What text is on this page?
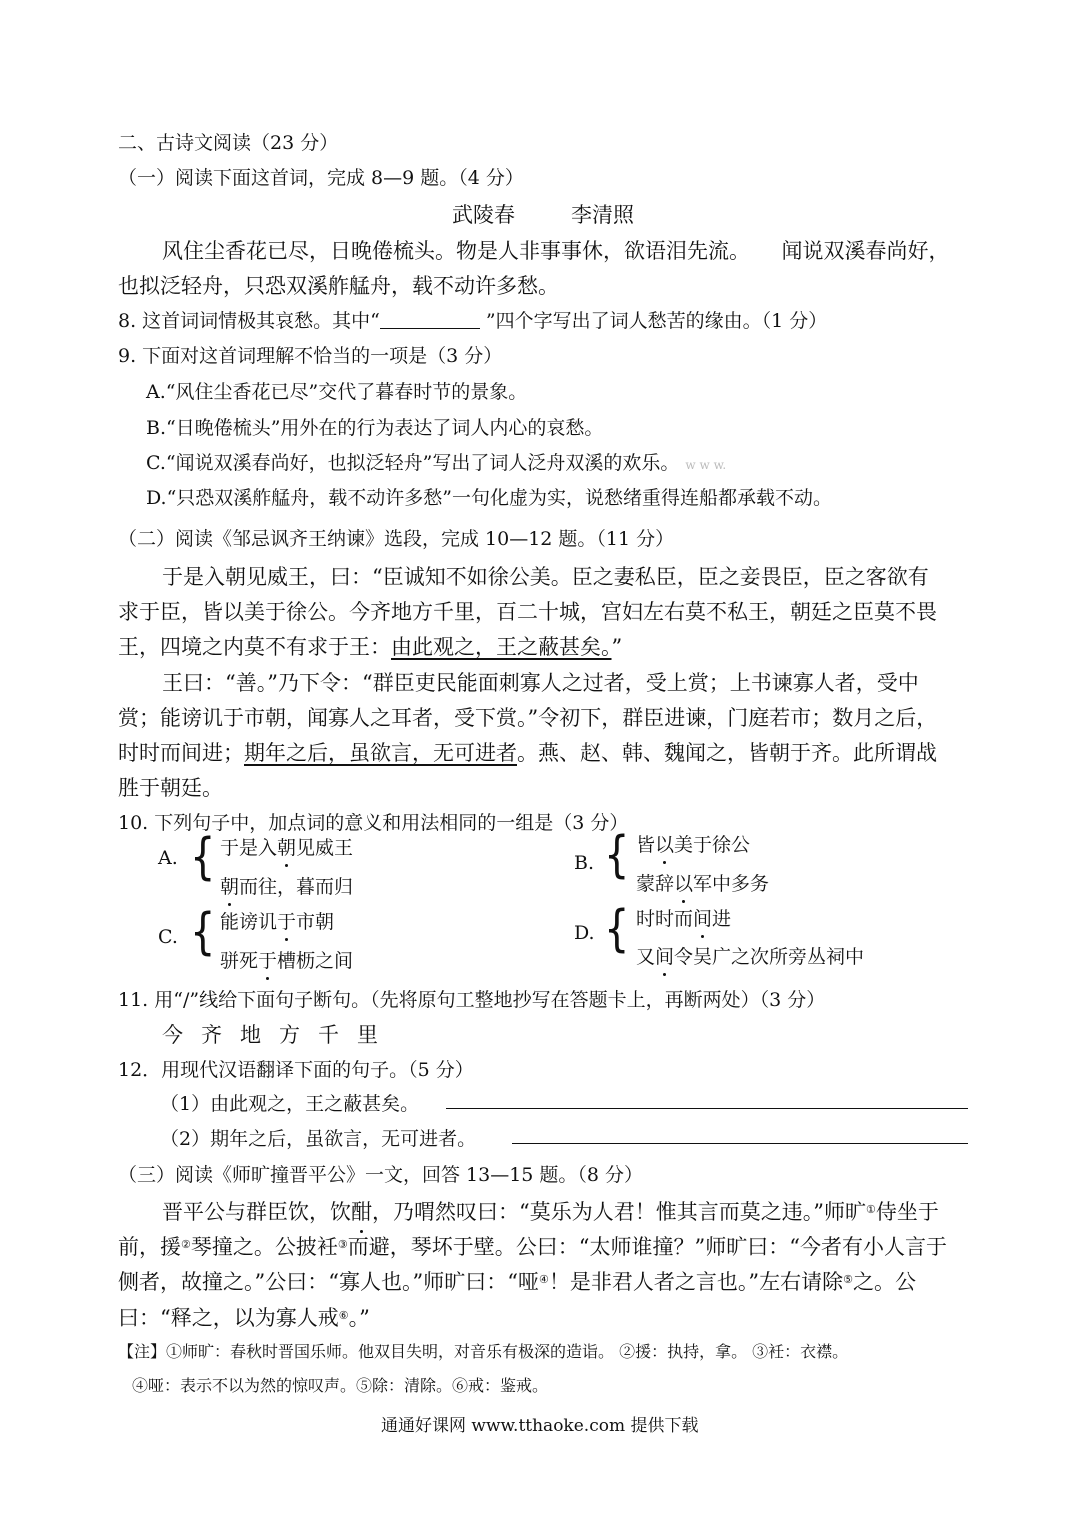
二、古诗文阅读（23 分）
（一）阅读下面这首词，完成 8—9 题。（4 分）
武陵春	李清照
风住尘香花已尽，日晚倦梳头。物是人非事事休，欲语泪先流。　　闻说双溪春尚好，
也拟泛轻舟，只恐双溪舴艋舟，载不动许多愁。
8. 这首词词情极其哀愁。其中“	”四个字写出了词人愁苦的缘由。（1 分）
9. 下面对这首词理解不恰当的一项是（3 分）
A.“风住尘香花已尽”交代了暮春时节的景象。
B.“日晚倦梳头”用外在的行为表达了词人内心的哀愁。
C.“闻说双溪春尚好，也拟泛轻舟”写出了词人泛舟双溪的欢乐。 w w w.
D.“只恐双溪舴艋舟，载不动许多愁”一句化虚为实，说愁绪重得连船都承载不动。
（二）阅读《邹忌讽齐王纳谏》选段，完成 10—12 题。（11 分）
于是入朝见威王，曰：“臣诚知不如徐公美。臣之妻私臣，臣之妾畏臣，臣之客欲有
求于臣，皆以美于徐公。今齐地方千里，百二十城，宫妇左右莫不私王，朝廷之臣莫不畏
王，四境之内莫不有求于王：由此观之，王之蔽甚矣。”
王曰：“善。”乃下令：“群臣吏民能面刺寡人之过者，受上赏；上书谏寡人者，受中
赏；能谤讥于市朝，闻寡人之耳者，受下赏。”令初下，群臣进谏，门庭若市；数月之后，
时时而间进；期年之后，虽欲言，无可进者。燕、赵、韩、魏闻之，皆朝于齐。此所谓战
胜于朝廷。
10. 下列句子中，加点词的意义和用法相同的一组是（3 分）
A. { 于是入朝见威王
朝而往，暮而归
B. { 皆以美于徐公
蒙辞以军中多务
C. { 能谤讥于市朝
骈死于槽枥之间
D. { 时时而间进
又间令吴广之次所旁丛祠中
11. 用“/”线给下面句子断句。（先将原句工整地抄写在答题卡上，再断两处）（3 分）
今齐地方千里
12．用现代汉语翻译下面的句子。（5 分）
（1）由此观之，王之蔽甚矣。
（2）期年之后，虽欲言，无可进者。
（三）阅读《师旷撞晋平公》一文，回答 13—15 题。（8 分）
晋平公与群臣饮，饮酣，乃喟然叹曰：“莫乐为人君！惟其言而莫之违。”师旷①侍坐于
前，援②琴撞之。公披衽③而避，琴坏于壁。公曰：“太师谁撞？”师旷曰：“今者有小人言于
侧者，故撞之。”公曰：“寡人也。”师旷曰：“哑④！是非君人者之言也。”左右请除⑤之。公
曰：“释之，以为寡人戒⑥。”
【注】①师旷：春秋时晋国乐师。他双目失明，对音乐有极深的造诣。 ②援：执持，拿。 ③衽：衣襟。
④哑：表示不以为然的惊叹声。⑤除：清除。⑥戒：鉴戒。
通通好课网 www.tthaoke.com 提供下载
